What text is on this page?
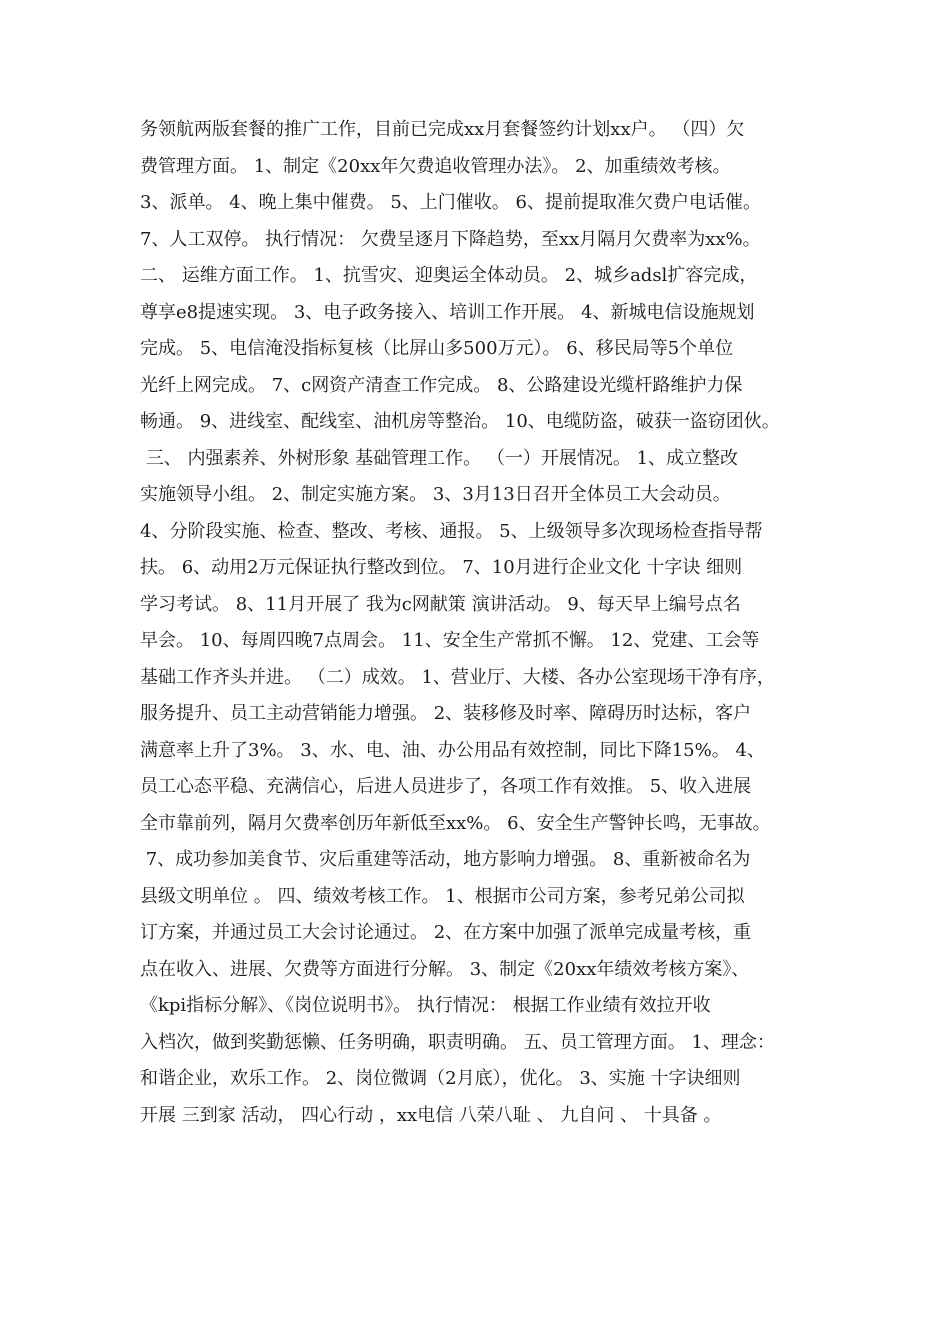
务领航两版套餐的推广工作，目前已完成xx月套餐签约计划xx户。 （四）欠
费管理方面。 1、制定《20xx年欠费追收管理办法》。 2、加重绩效考核。
3、派单。 4、晚上集中催费。 5、上门催收。 6、提前提取准欠费户电话催。
7、人工双停。 执行情况： 欠费呈逐月下降趋势，至xx月隔月欠费率为xx%。
二、 运维方面工作。 1、抗雪灾、迎奥运全体动员。 2、城乡adsl扩容完成，
尊享e8提速实现。 3、电子政务接入、培训工作开展。 4、新城电信设施规划
完成。 5、电信淹没指标复核（比屏山多500万元）。 6、移民局等5个单位
光纤上网完成。 7、c网资产清查工作完成。 8、公路建设光缆杆路维护力保
畅通。 9、进线室、配线室、油机房等整治。 10、电缆防盗，破获一盗窃团伙。
三、 内强素养、外树形象 基础管理工作。 （一）开展情况。 1、成立整改
实施领导小组。 2、制定实施方案。 3、3月13日召开全体员工大会动员。
4、分阶段实施、检查、整改、考核、通报。 5、上级领导多次现场检查指导帮
扶。 6、动用2万元保证执行整改到位。 7、10月进行企业文化 十字诀 细则
学习考试。 8、11月开展了 我为c网献策 演讲活动。 9、每天早上编号点名
早会。 10、每周四晚7点周会。 11、安全生产常抓不懈。 12、党建、工会等
基础工作齐头并进。 （二）成效。 1、营业厅、大楼、各办公室现场干净有序，
服务提升、员工主动营销能力增强。 2、装移修及时率、障碍历时达标，客户
满意率上升了3%。 3、水、电、油、办公用品有效控制，同比下降15%。 4、
员工心态平稳、充满信心，后进人员进步了，各项工作有效推。 5、收入进展
全市靠前列，隔月欠费率创历年新低至xx%。 6、安全生产警钟长鸣，无事故。
7、成功参加美食节、灾后重建等活动，地方影响力增强。 8、重新被命名为
县级文明单位 。 四、绩效考核工作。 1、根据市公司方案，参考兄弟公司拟
订方案，并通过员工大会讨论通过。 2、在方案中加强了派单完成量考核，重
点在收入、进展、欠费等方面进行分解。 3、制定《20xx年绩效考核方案》、
《kpi指标分解》、《岗位说明书》。 执行情况： 根据工作业绩有效拉开收
入档次，做到奖勤惩懒、任务明确，职责明确。 五、员工管理方面。 1、理念：
和谐企业，欢乐工作。 2、岗位微调（2月底），优化。 3、实施 十字诀细则
开展 三到家 活动， 四心行动 ，xx电信 八荣八耻 、 九自问 、 十具备 。
